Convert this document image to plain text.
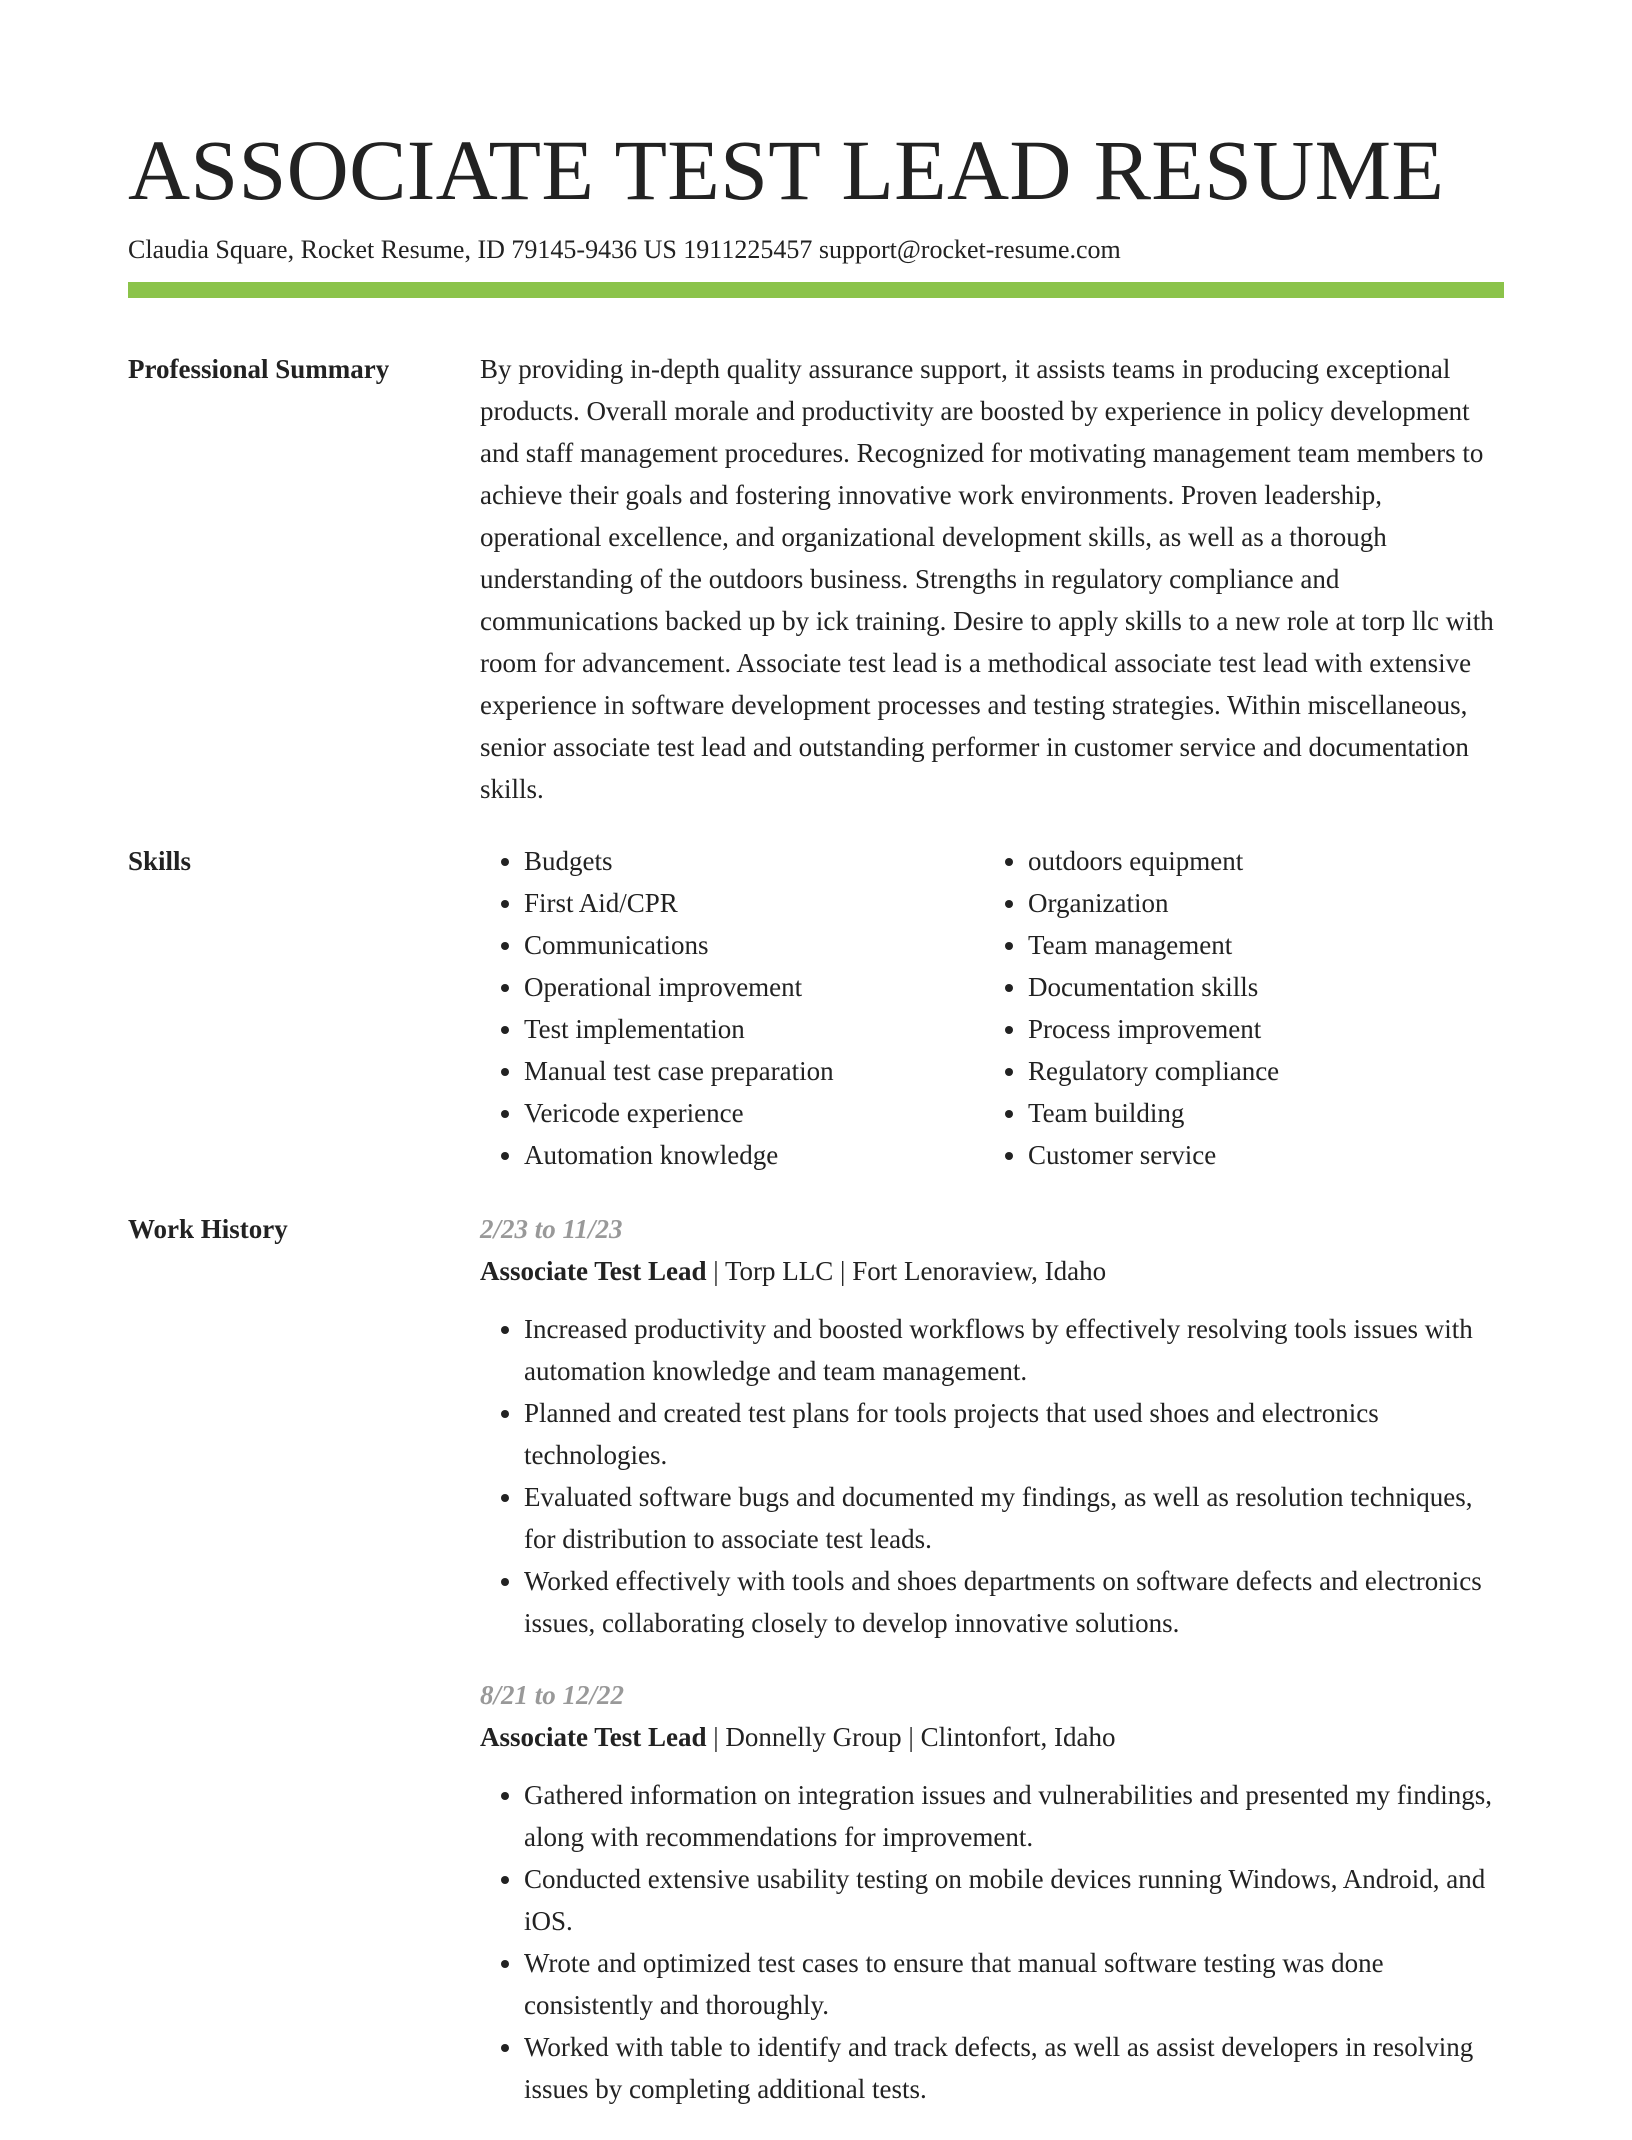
ASSOCIATE TEST LEAD RESUME
Claudia Square, Rocket Resume, ID 79145-9436 US 1911225457 support@rocket-resume.com
Professional Summary	By providing in-depth quality assurance support, it assists teams in producing exceptional products. Overall morale and productivity are boosted by experience in policy development and staff management procedures. Recognized for motivating management team members to achieve their goals and fostering innovative work environments. Proven leadership, operational excellence, and organizational development skills, as well as a thorough understanding of the outdoors business. Strengths in regulatory compliance and communications backed up by ick training. Desire to apply skills to a new role at torp llc with room for advancement. Associate test lead is a methodical associate test lead with extensive experience in software development processes and testing strategies. Within miscellaneous, senior associate test lead and outstanding performer in customer service and documentation skills.

Skills
•	Budgets
• First Aid/CPR
• Communications
• Operational improvement
• Test implementation
• Manual test case preparation
• Vericode experience
• Automation knowledge
• outdoors equipment
• Organization
• Team management
• Documentation skills
• Process improvement
• Regulatory compliance
• Team building
• Customer service
Work History	2/23 to 11/23
Associate Test Lead | Torp LLC | Fort Lenoraview, Idaho
• Increased productivity and boosted workflows by effectively resolving tools issues with automation knowledge and team management.
• Planned and created test plans for tools projects that used shoes and electronics technologies.
• Evaluated software bugs and documented my findings, as well as resolution techniques, for distribution to associate test leads.
• Worked effectively with tools and shoes departments on software defects and electronics issues, collaborating closely to develop innovative solutions.
8/21 to 12/22
Associate Test Lead | Donnelly Group | Clintonfort, Idaho
• Gathered information on integration issues and vulnerabilities and presented my findings, along with recommendations for improvement.
• Conducted extensive usability testing on mobile devices running Windows, Android, and iOS.
• Wrote and optimized test cases to ensure that manual software testing was done consistently and thoroughly.
• Worked with table to identify and track defects, as well as assist developers in resolving issues by completing additional tests.
